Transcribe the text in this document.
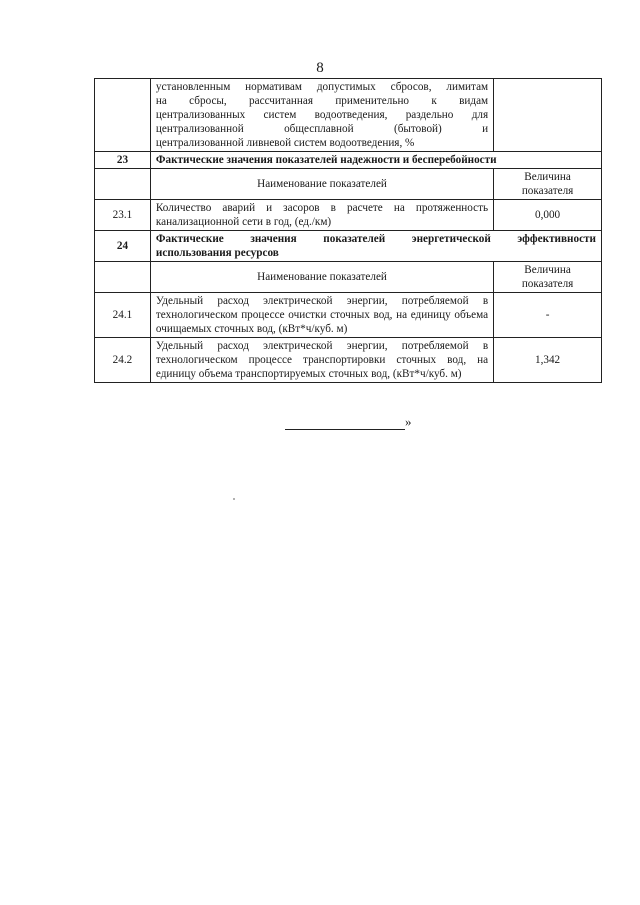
8

	установленным нормативам допустимых сбросов, лимитам
на сбросы, рассчитанная применительно к видам
централизованных систем водоотведения, раздельно для
централизованной общесплавной (бытовой) и
централизованной ливневой систем водоотведения, %	

23	Фактические значения показателей надежности и бесперебойности	
	Наименование показателей	Величина показателя
23.1	Количество аварий и засоров в расчете на протяженность канализационной сети в год, (ед./км)	0,000
24	Фактические значения показателей энергетической эффективности
использования ресурсов	

	Наименование показателей	Величина показателя
24.1	Удельный расход электрической энергии, потребляемой в технологическом процессе очистки сточных вод, на единицу объема очищаемых сточных вод, (кВт*ч/куб. м)	-
24.2	Удельный расход электрической энергии, потребляемой в технологическом процессе транспортировки сточных вод, на единицу объема транспортируемых сточных вод, (кВт*ч/куб. м)	1,342
»
